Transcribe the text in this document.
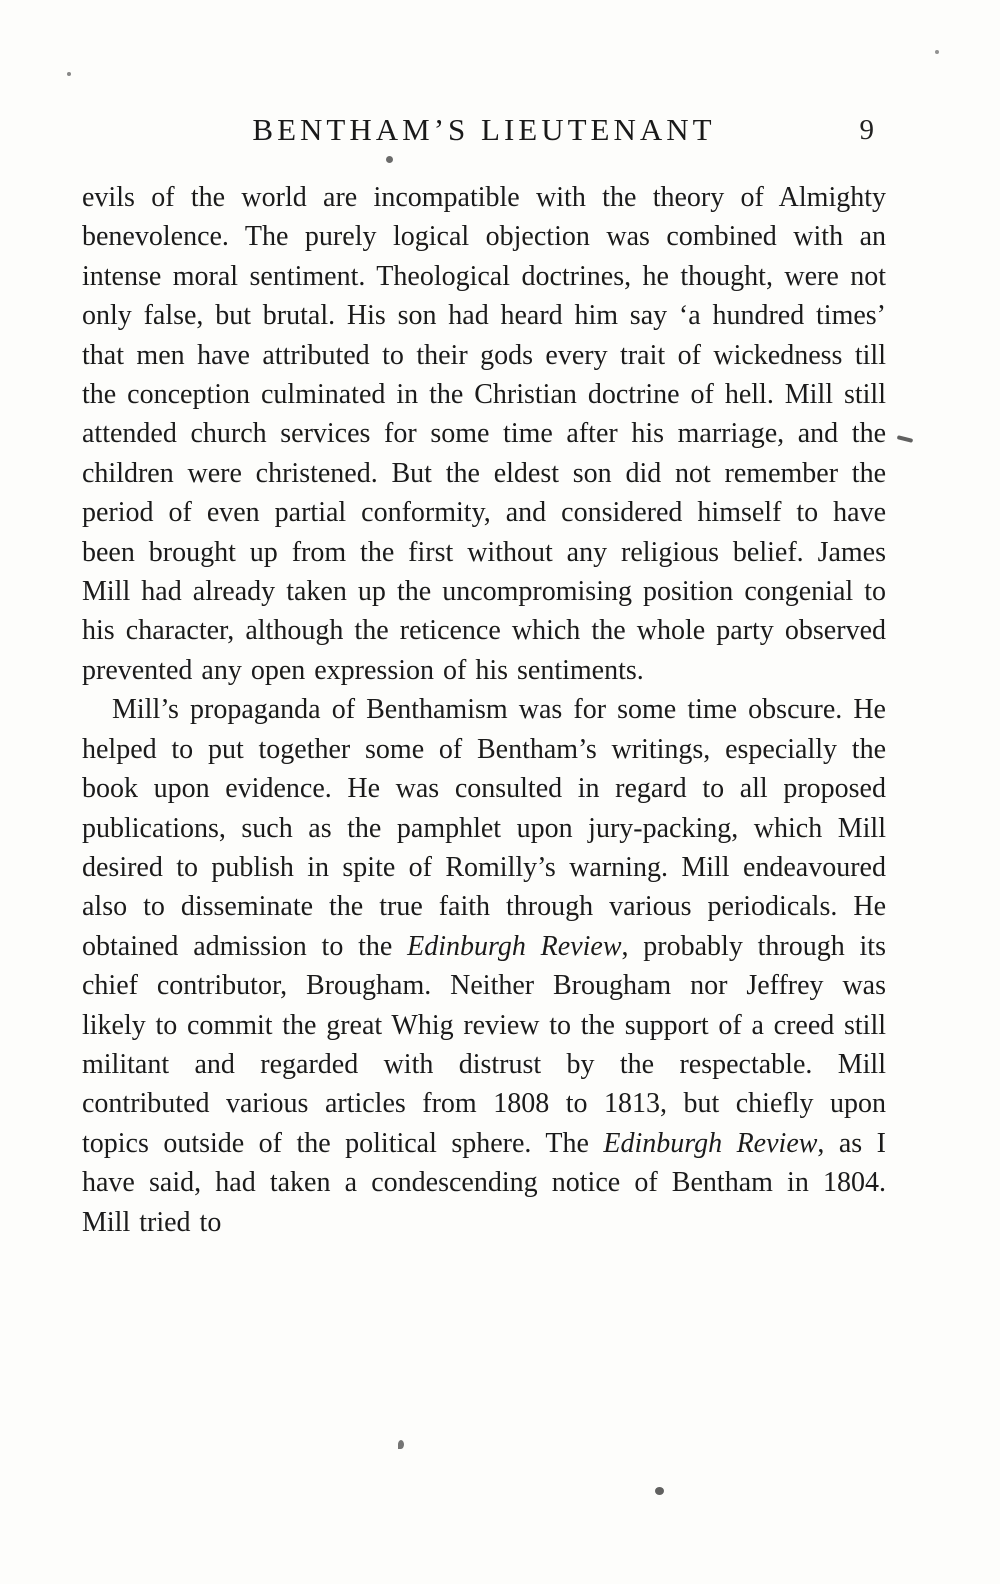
BENTHAM’S LIEUTENANT	9

evils of the world are incompatible with the theory of Almighty benevolence. The purely logical objection was combined with an intense moral sentiment. Theological doctrines, he thought, were not only false, but brutal. His son had heard him say ‘a hundred times’ that men have attributed to their gods every trait of wickedness till the conception culminated in the Christian doctrine of hell. Mill still attended church services for some time after his marriage, and the children were christened. But the eldest son did not remember the period of even partial conformity, and considered himself to have been brought up from the first without any religious belief. James Mill had already taken up the uncompromising position congenial to his character, although the reticence which the whole party observed prevented any open expression of his sentiments.

Mill’s propaganda of Benthamism was for some time obscure. He helped to put together some of Bentham’s writings, especially the book upon evidence. He was consulted in regard to all proposed publications, such as the pamphlet upon jury-packing, which Mill desired to publish in spite of Romilly’s warning. Mill endeavoured also to disseminate the true faith through various periodicals. He obtained admission to the Edinburgh Review, probably through its chief contributor, Brougham. Neither Brougham nor Jeffrey was likely to commit the great Whig review to the support of a creed still militant and regarded with distrust by the respectable. Mill contributed various articles from 1808 to 1813, but chiefly upon topics outside of the political sphere. The Edinburgh Review, as I have said, had taken a condescending notice of Bentham in 1804. Mill tried to
